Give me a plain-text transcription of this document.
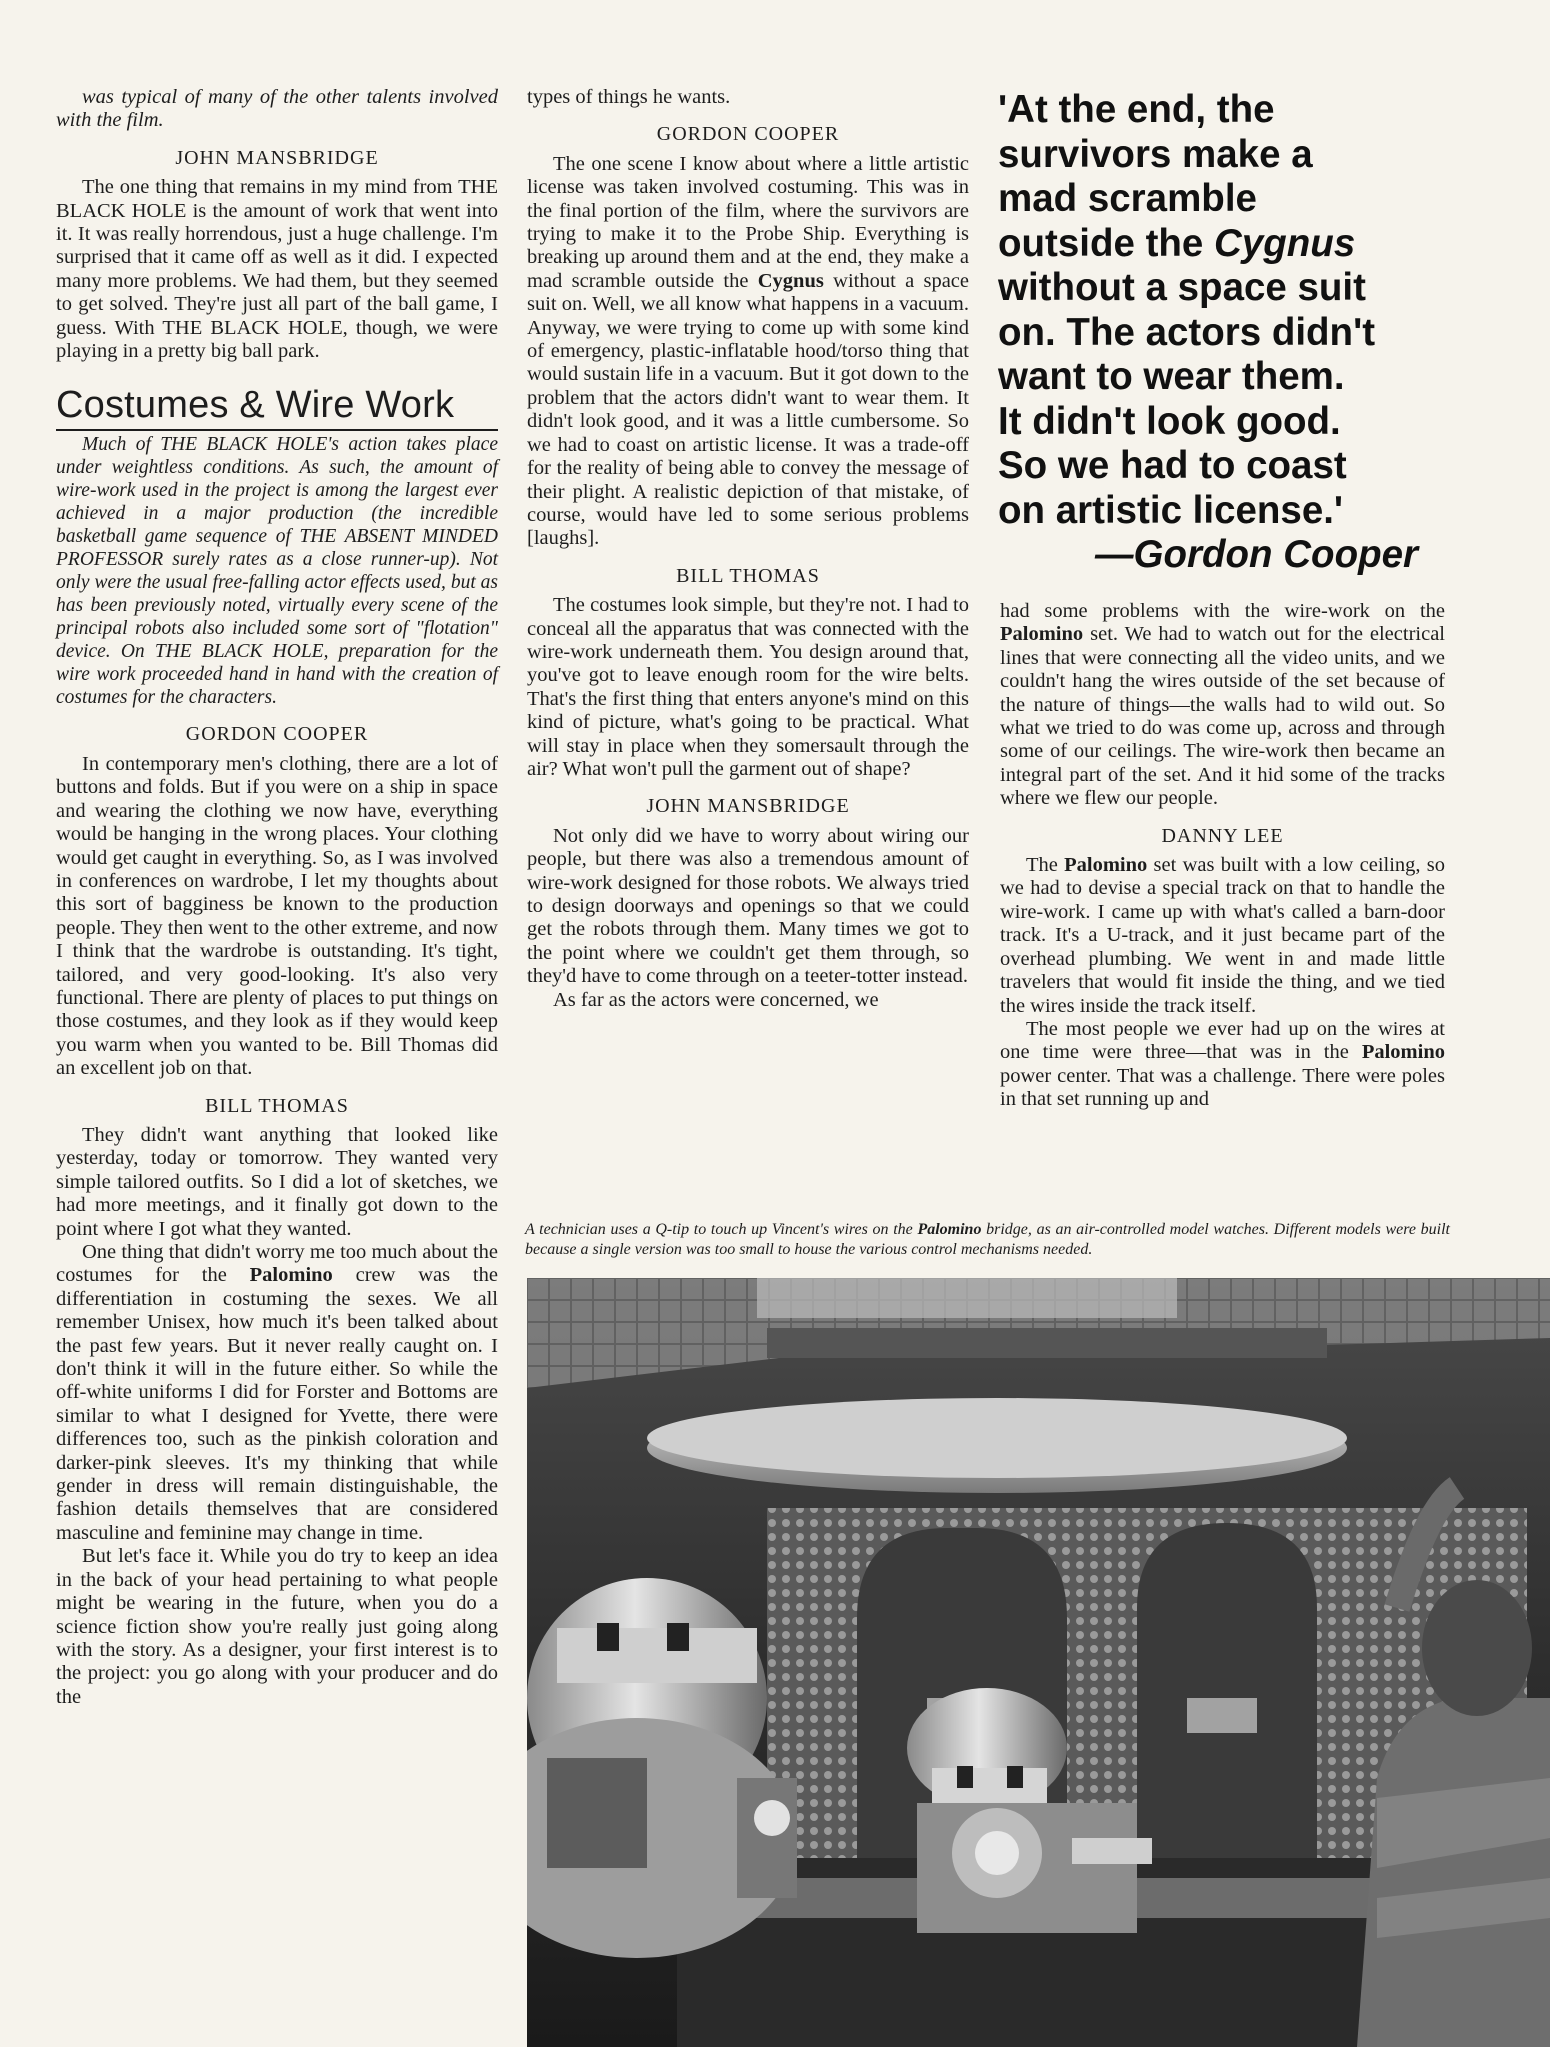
was typical of many of the other talents involved with the film.

JOHN MANSBRIDGE

The one thing that remains in my mind from THE BLACK HOLE is the amount of work that went into it. It was really horrendous, just a huge challenge. I'm surprised that it came off as well as it did. I expected many more problems. We had them, but they seemed to get solved. They're just all part of the ball game, I guess. With THE BLACK HOLE, though, we were playing in a pretty big ball park.

Costumes & Wire Work

Much of THE BLACK HOLE's action takes place under weightless conditions. As such, the amount of wire-work used in the project is among the largest ever achieved in a major production (the incredible basketball game sequence of THE ABSENT MINDED PROFESSOR surely rates as a close runner-up). Not only were the usual free-falling actor effects used, but as has been previously noted, virtually every scene of the principal robots also included some sort of "flotation" device. On THE BLACK HOLE, preparation for the wire work proceeded hand in hand with the creation of costumes for the characters.

GORDON COOPER

In contemporary men's clothing, there are a lot of buttons and folds. But if you were on a ship in space and wearing the clothing we now have, everything would be hanging in the wrong places. Your clothing would get caught in everything. So, as I was involved in conferences on wardrobe, I let my thoughts about this sort of bagginess be known to the production people. They then went to the other extreme, and now I think that the wardrobe is outstanding. It's tight, tailored, and very good-looking. It's also very functional. There are plenty of places to put things on those costumes, and they look as if they would keep you warm when you wanted to be. Bill Thomas did an excellent job on that.

BILL THOMAS

They didn't want anything that looked like yesterday, today or tomorrow. They wanted very simple tailored outfits. So I did a lot of sketches, we had more meetings, and it finally got down to the point where I got what they wanted.

One thing that didn't worry me too much about the costumes for the Palomino crew was the differentiation in costuming the sexes. We all remember Unisex, how much it's been talked about the past few years. But it never really caught on. I don't think it will in the future either. So while the off-white uniforms I did for Forster and Bottoms are similar to what I designed for Yvette, there were differences too, such as the pinkish coloration and darker-pink sleeves. It's my thinking that while gender in dress will remain distinguishable, the fashion details themselves that are considered masculine and feminine may change in time.

But let's face it. While you do try to keep an idea in the back of your head pertaining to what people might be wearing in the future, when you do a science fiction show you're really just going along with the story. As a designer, your first interest is to the project: you go along with your producer and do the

types of things he wants.

GORDON COOPER

The one scene I know about where a little artistic license was taken involved costuming. This was in the final portion of the film, where the survivors are trying to make it to the Probe Ship. Everything is breaking up around them and at the end, they make a mad scramble outside the Cygnus without a space suit on. Well, we all know what happens in a vacuum. Anyway, we were trying to come up with some kind of emergency, plastic-inflatable hood/torso thing that would sustain life in a vacuum. But it got down to the problem that the actors didn't want to wear them. It didn't look good, and it was a little cumbersome. So we had to coast on artistic license. It was a trade-off for the reality of being able to convey the message of their plight. A realistic depiction of that mistake, of course, would have led to some serious problems [laughs].

BILL THOMAS

The costumes look simple, but they're not. I had to conceal all the apparatus that was connected with the wire-work underneath them. You design around that, you've got to leave enough room for the wire belts. That's the first thing that enters anyone's mind on this kind of picture, what's going to be practical. What will stay in place when they somersault through the air? What won't pull the garment out of shape?

JOHN MANSBRIDGE

Not only did we have to worry about wiring our people, but there was also a tremendous amount of wire-work designed for those robots. We always tried to design doorways and openings so that we could get the robots through them. Many times we got to the point where we couldn't get them through, so they'd have to come through on a teeter-totter instead.

As far as the actors were concerned, we

'At the end, the
survivors make a
mad scramble
outside the Cygnus
without a space suit
on. The actors didn't
want to wear them.
It didn't look good.
So we had to coast
on artistic license.'
—Gordon Cooper

had some problems with the wire-work on the Palomino set. We had to watch out for the electrical lines that were connecting all the video units, and we couldn't hang the wires outside of the set because of the nature of things—the walls had to wild out. So what we tried to do was come up, across and through some of our ceilings. The wire-work then became an integral part of the set. And it hid some of the tracks where we flew our people.

DANNY LEE

The Palomino set was built with a low ceiling, so we had to devise a special track on that to handle the wire-work. I came up with what's called a barn-door track. It's a U-track, and it just became part of the overhead plumbing. We went in and made little travelers that would fit inside the thing, and we tied the wires inside the track itself.

The most people we ever had up on the wires at one time were three—that was in the Palomino power center. That was a challenge. There were poles in that set running up and

A technician uses a Q-tip to touch up Vincent's wires on the Palomino bridge, as an air-controlled model watches. Different models were built because a single version was too small to house the various control mechanisms needed.
